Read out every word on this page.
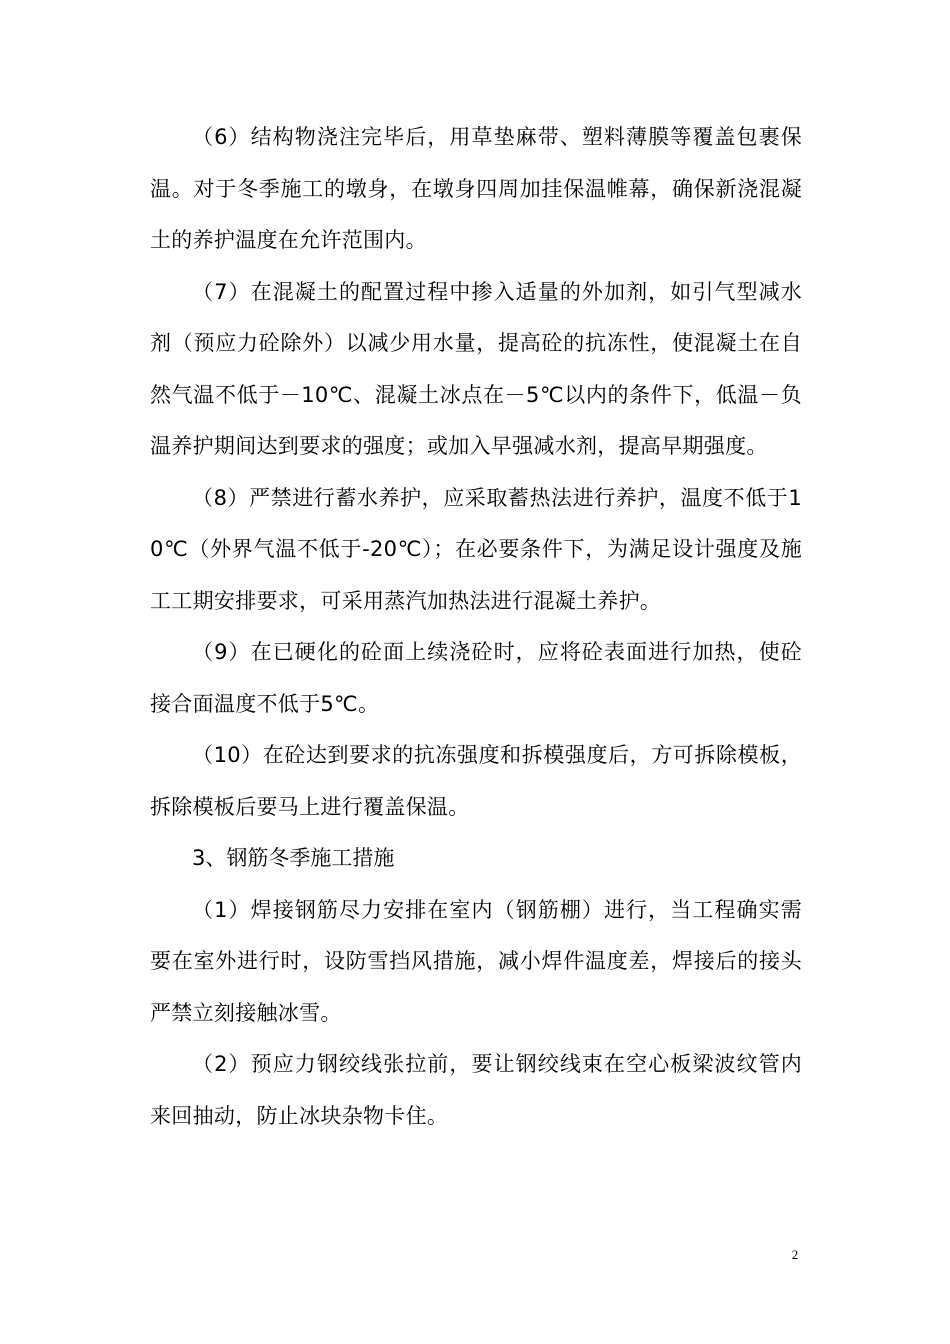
（6）结构物浇注完毕后，用草垫麻带、塑料薄膜等覆盖包裹保温。对于冬季施工的墩身，在墩身四周加挂保温帷幕，确保新浇混凝土的养护温度在允许范围内。

（7）在混凝土的配置过程中掺入适量的外加剂，如引气型减水剂（预应力砼除外）以减少用水量，提高砼的抗冻性，使混凝土在自然气温不低于－10℃、混凝土冰点在－5℃以内的条件下，低温－负温养护期间达到要求的强度；或加入早强减水剂，提高早期强度。

（8）严禁进行蓄水养护，应采取蓄热法进行养护，温度不低于10℃（外界气温不低于-20℃）；在必要条件下，为满足设计强度及施工工期安排要求，可采用蒸汽加热法进行混凝土养护。

（9）在已硬化的砼面上续浇砼时，应将砼表面进行加热，使砼接合面温度不低于5℃。

（10）在砼达到要求的抗冻强度和拆模强度后，方可拆除模板，拆除模板后要马上进行覆盖保温。

3、钢筋冬季施工措施

（1）焊接钢筋尽力安排在室内（钢筋棚）进行，当工程确实需要在室外进行时，设防雪挡风措施，减小焊件温度差，焊接后的接头严禁立刻接触冰雪。

（2）预应力钢绞线张拉前，要让钢绞线束在空心板梁波纹管内来回抽动，防止冰块杂物卡住。

2
